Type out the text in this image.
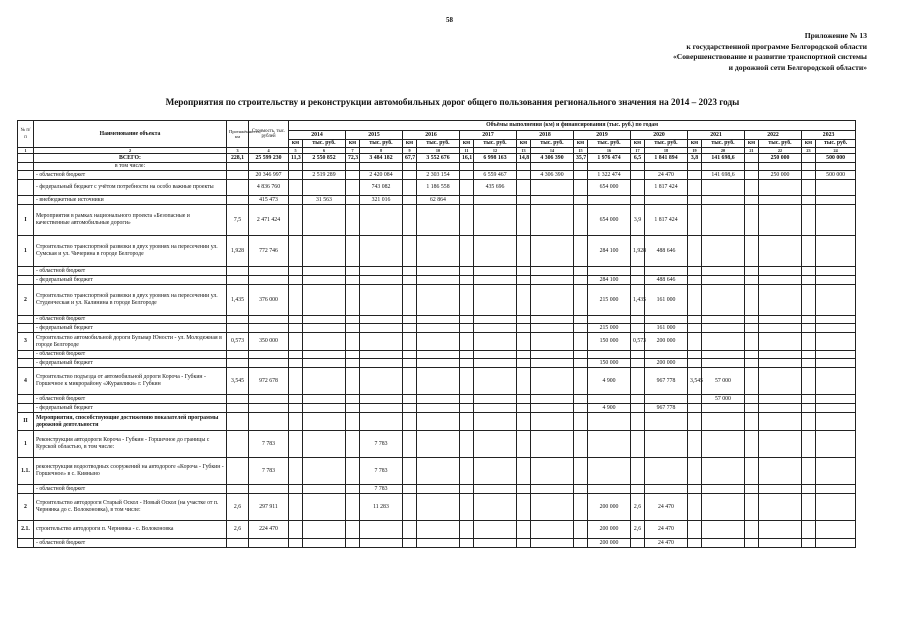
58
Приложение № 13
к государственной программе Белгородской области
«Совершенствование и развитие транспортной системы
и дорожной сети Белгородской области»
Мероприятия по строительству и реконструкции автомобильных дорог общего пользования регионального значения на 2014 – 2023 годы
№ п/п	Наименование объекта	Протяжённость, км	Стоимость, тыс. рублей	Объёмы выполнения (км) и финансирования (тыс. руб.) по годам																			
				2014		2015		2016		2017		2018		2019		2020		2021		2022		2023	
				км	тыс. руб.	км	тыс. руб.	км	тыс. руб.	км	тыс. руб.	км	тыс. руб.	км	тыс. руб.	км	тыс. руб.	км	тыс. руб.	км	тыс. руб.	км	тыс. руб.
1	2	3	4	5	6	7	8	9	10	11	12	13	14	15	16	17	18	19	20	21	22	23	24
	ВСЕГО:	228,1	25 599 230	11,3	2 550 852	72,3	3 484 182	67,7	3 552 676	16,1	6 998 163	14,8	4 306 390	35,7	1 976 474	6,5	1 841 894	3,8	141 698,6		250 000		500 000
	в том числе:																						
	- областной бюджет		20 346 997		2 519 289		2 420 084		2 303 154		6 559 467		4 306 390		1 322 474		24 470		141 698,6		250 000		500 000
	- федеральный бюджет с учётом потребности на особо важные проекты		4 836 760				743 082		1 186 558		435 696				654 000		1 817 424						
	- внебюджетные источники		415 473		31 563		321 016		62 864														
I	Мероприятия в рамках национального проекта «Безопасные и качественные автомобильные дороги»	7,5	2 471 424												654 000	3,9	1 817 424						
1	Строительство транспортной развязки в двух уровнях на пересечении ул. Сумская и ул. Чичерина в городе Белгороде	1,928	772 746												284 100	1,928	488 646						
	- областной бюджет																						
	- федеральный бюджет														284 100		488 646						
2	Строительство транспортной развязки в двух уровнях на пересечении ул. Студенческая и ул. Калинина в городе Белгороде	1,435	376 000												215 000	1,435	161 000						
	- областной бюджет																						
	- федеральный бюджет														215 000		161 000						
3	Строительство автомобильной дороги Бульвар Юности - ул. Молодежная в городе Белгороде	0,573	350 000												150 000	0,573	200 000						
	- областной бюджет																						
	- федеральный бюджет														150 000		200 000						
4	Строительство подъезда от автомобильной дороги Короча - Губкин - Горшечное к микрорайону «Журавлики» г. Губкин	3,545	972 678												4 900		967 778	3,545	57 000				
	- областной бюджет																		57 000				
	- федеральный бюджет														4 900		967 778						
II	Мероприятия, способствующие достижению показателей программы дорожной деятельности																						
1	Реконструкция автодороги Короча - Губкин - Горшечное до границы с Курской областью, в том числе:		7 783				7 783																
1.1.	реконструкция водоотводных сооружений на автодороге «Короча - Губкин - Горшечное» в с. Кияныно		7 783				7 783																
	- областной бюджет						7 783																
2	Строительство автодороги Старый Оскол - Новый Оскол (на участке от п. Чернянка до с. Волоконовка), в том числе:	2,6	297 911				11 283								200 000	2,6	24 470						
2.1.	строительство автодороги п. Чернянка - с. Волоконовка	2,6	224 470												200 000	2,6	24 470						
	- областной бюджет														200 000		24 470						
